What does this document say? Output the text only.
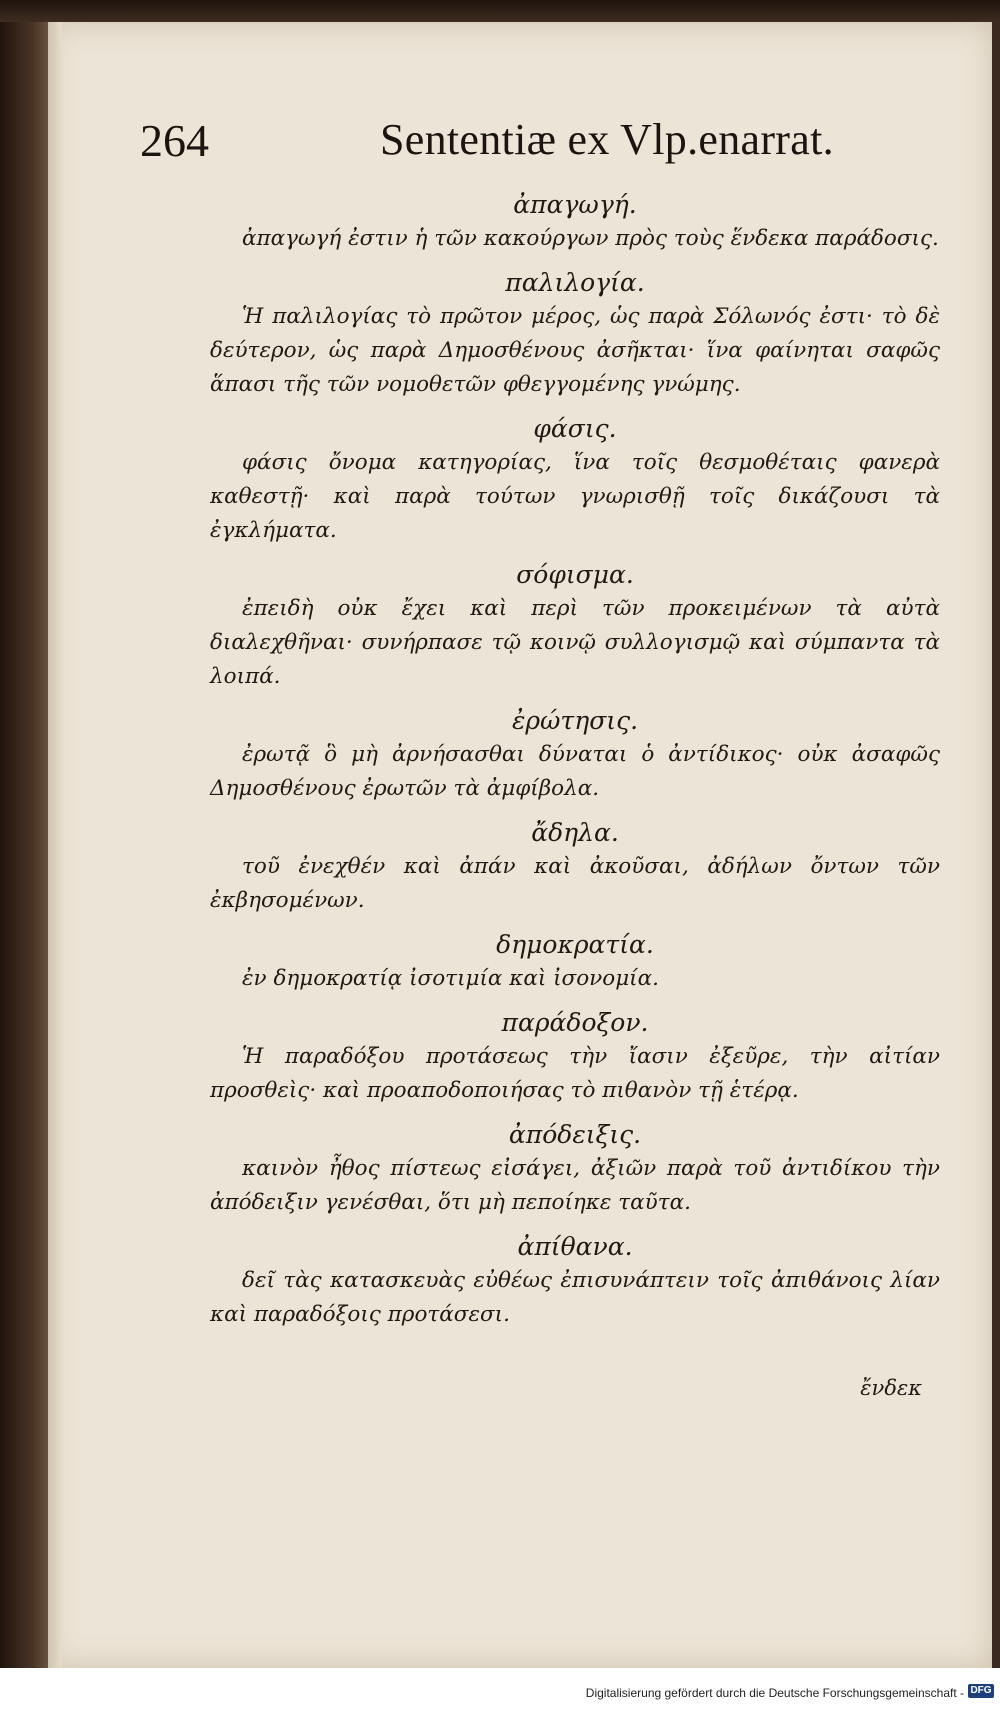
264	Sententiæ ex Vlp.enarrat.
ἀπαγωγή.

ἀπαγωγή ἐστιν ἡ τῶν κακούργων πρὸς τοὺς ἕνδεκα παράδοσις.

παλιλογία.

Ἡ παλιλογίας τὸ πρῶτον μέρος, ὡς παρὰ Σόλωνός ἐστι· τὸ δὲ δεύτερον, ὡς παρὰ Δημοσθένους ἀσῆκται· ἵνα φαίνηται σαφῶς ἅπασι τῆς τῶν νομοθετῶν φθεγγομένης γνώμης.

φάσις.

φάσις ὄνομα κατηγορίας, ἵνα τοῖς θεσμοθέταις φανερὰ καθεστῇ· καὶ παρὰ τούτων γνωρισθῇ τοῖς δικάζουσι τὰ ἐγκλήματα.

σόφισμα.

ἐπειδὴ οὐκ ἔχει καὶ περὶ τῶν προκειμένων τὰ αὐτὰ διαλεχθῆναι· συνήρπασε τῷ κοινῷ συλλογισμῷ καὶ σύμπαντα τὰ λοιπά.

ἐρώτησις.

ἐρωτᾷ ὃ μὴ ἀρνήσασθαι δύναται ὁ ἀντίδικος· οὐκ ἀσαφῶς Δημοσθένους ἐρωτῶν τὰ ἀμφίβολα.

ἄδηλα.

τοῦ ἐνεχθέν καὶ ἀπάν καὶ ἀκοῦσαι, ἀδήλων ὄντων τῶν ἐκβησομένων.

δημοκρατία.

ἐν δημοκρατίᾳ ἰσοτιμία καὶ ἰσονομία.

παράδοξον.

Ἡ παραδόξου προτάσεως τὴν ἴασιν ἐξεῦρε, τὴν αἰτίαν προσθεὶς· καὶ προαποδοποιήσας τὸ πιθανὸν τῇ ἑτέρᾳ.

ἀπόδειξις.

καινὸν ἦθος πίστεως εἰσάγει, ἀξιῶν παρὰ τοῦ ἀντιδίκου τὴν ἀπόδειξιν γενέσθαι, ὅτι μὴ πεποίηκε ταῦτα.

ἀπίθανα.

δεῖ τὰς κατασκευὰς εὐθέως ἐπισυνάπτειν τοῖς ἀπιθάνοις λίαν καὶ παραδόξοις προτάσεσι.

ἔνδεκ
Digitalisierung gefördert durch die Deutsche Forschungsgemeinschaft - DFG
